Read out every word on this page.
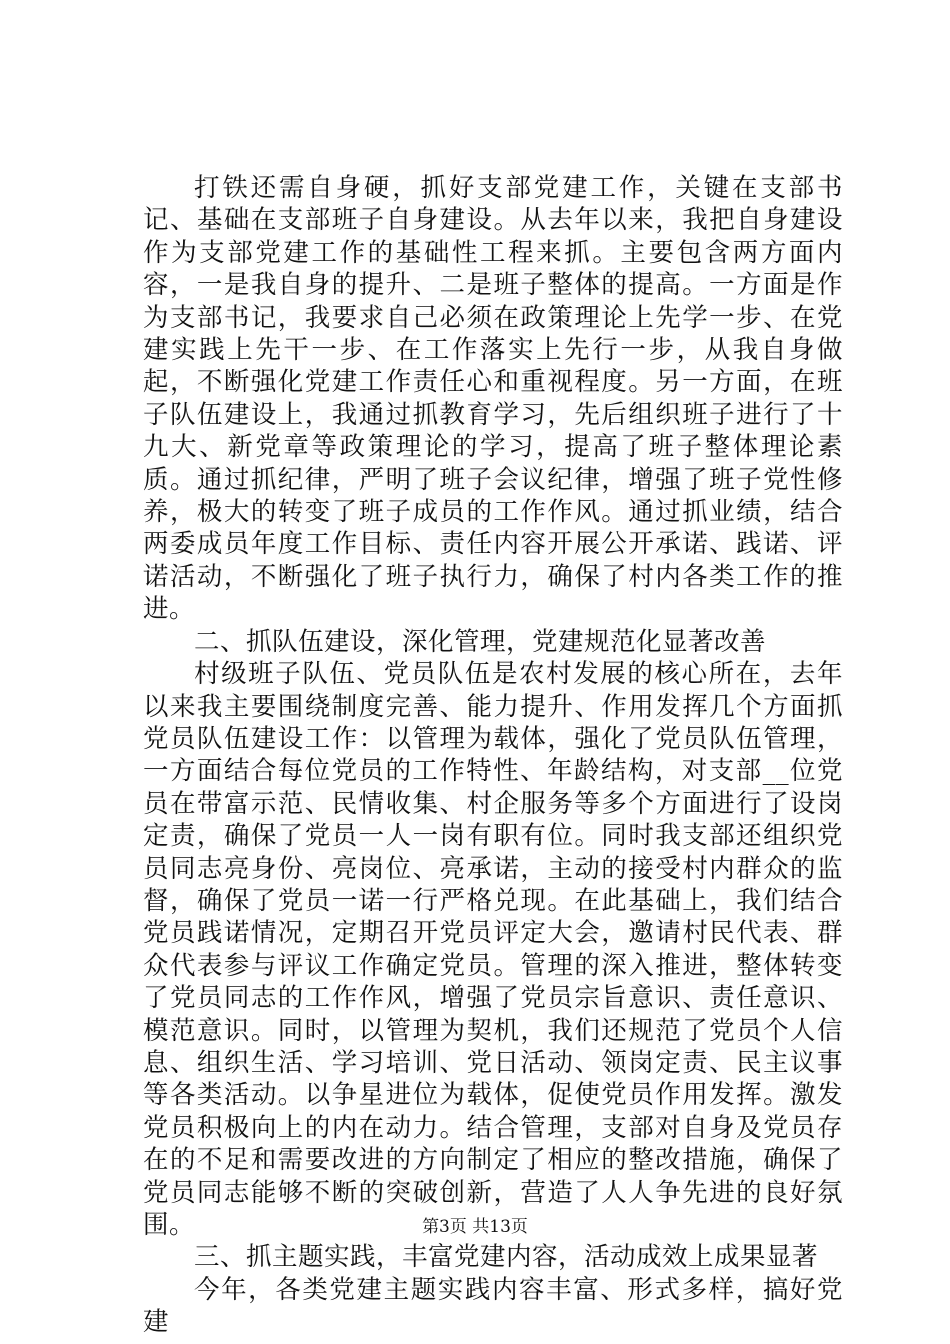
打铁还需自身硬，抓好支部党建工作，关键在支部书记、基础在支部班子自身建设。从去年以来，我把自身建设作为支部党建工作的基础性工程来抓。主要包含两方面内容，一是我自身的提升、二是班子整体的提高。一方面是作为支部书记，我要求自己必须在政策理论上先学一步、在党建实践上先干一步、在工作落实上先行一步，从我自身做起，不断强化党建工作责任心和重视程度。另一方面，在班子队伍建设上，我通过抓教育学习，先后组织班子进行了十九大、新党章等政策理论的学习，提高了班子整体理论素质。通过抓纪律，严明了班子会议纪律，增强了班子党性修养，极大的转变了班子成员的工作作风。通过抓业绩，结合两委成员年度工作目标、责任内容开展公开承诺、践诺、评诺活动，不断强化了班子执行力，确保了村内各类工作的推进。

二、抓队伍建设，深化管理，党建规范化显著改善

村级班子队伍、党员队伍是农村发展的核心所在，去年以来我主要围绕制度完善、能力提升、作用发挥几个方面抓党员队伍建设工作：以管理为载体，强化了党员队伍管理，一方面结合每位党员的工作特性、年龄结构，对支部__位党员在带富示范、民情收集、村企服务等多个方面进行了设岗定责，确保了党员一人一岗有职有位。同时我支部还组织党员同志亮身份、亮岗位、亮承诺，主动的接受村内群众的监督，确保了党员一诺一行严格兑现。在此基础上，我们结合党员践诺情况，定期召开党员评定大会，邀请村民代表、群众代表参与评议工作确定党员。管理的深入推进，整体转变了党员同志的工作作风，增强了党员宗旨意识、责任意识、模范意识。同时，以管理为契机，我们还规范了党员个人信息、组织生活、学习培训、党日活动、领岗定责、民主议事等各类活动。以争星进位为载体，促使党员作用发挥。激发党员积极向上的内在动力。结合管理，支部对自身及党员存在的不足和需要改进的方向制定了相应的整改措施，确保了党员同志能够不断的突破创新，营造了人人争先进的良好氛围。

三、抓主题实践，丰富党建内容，活动成效上成果显著

今年，各类党建主题实践内容丰富、形式多样，搞好党建

第3页 共13页
